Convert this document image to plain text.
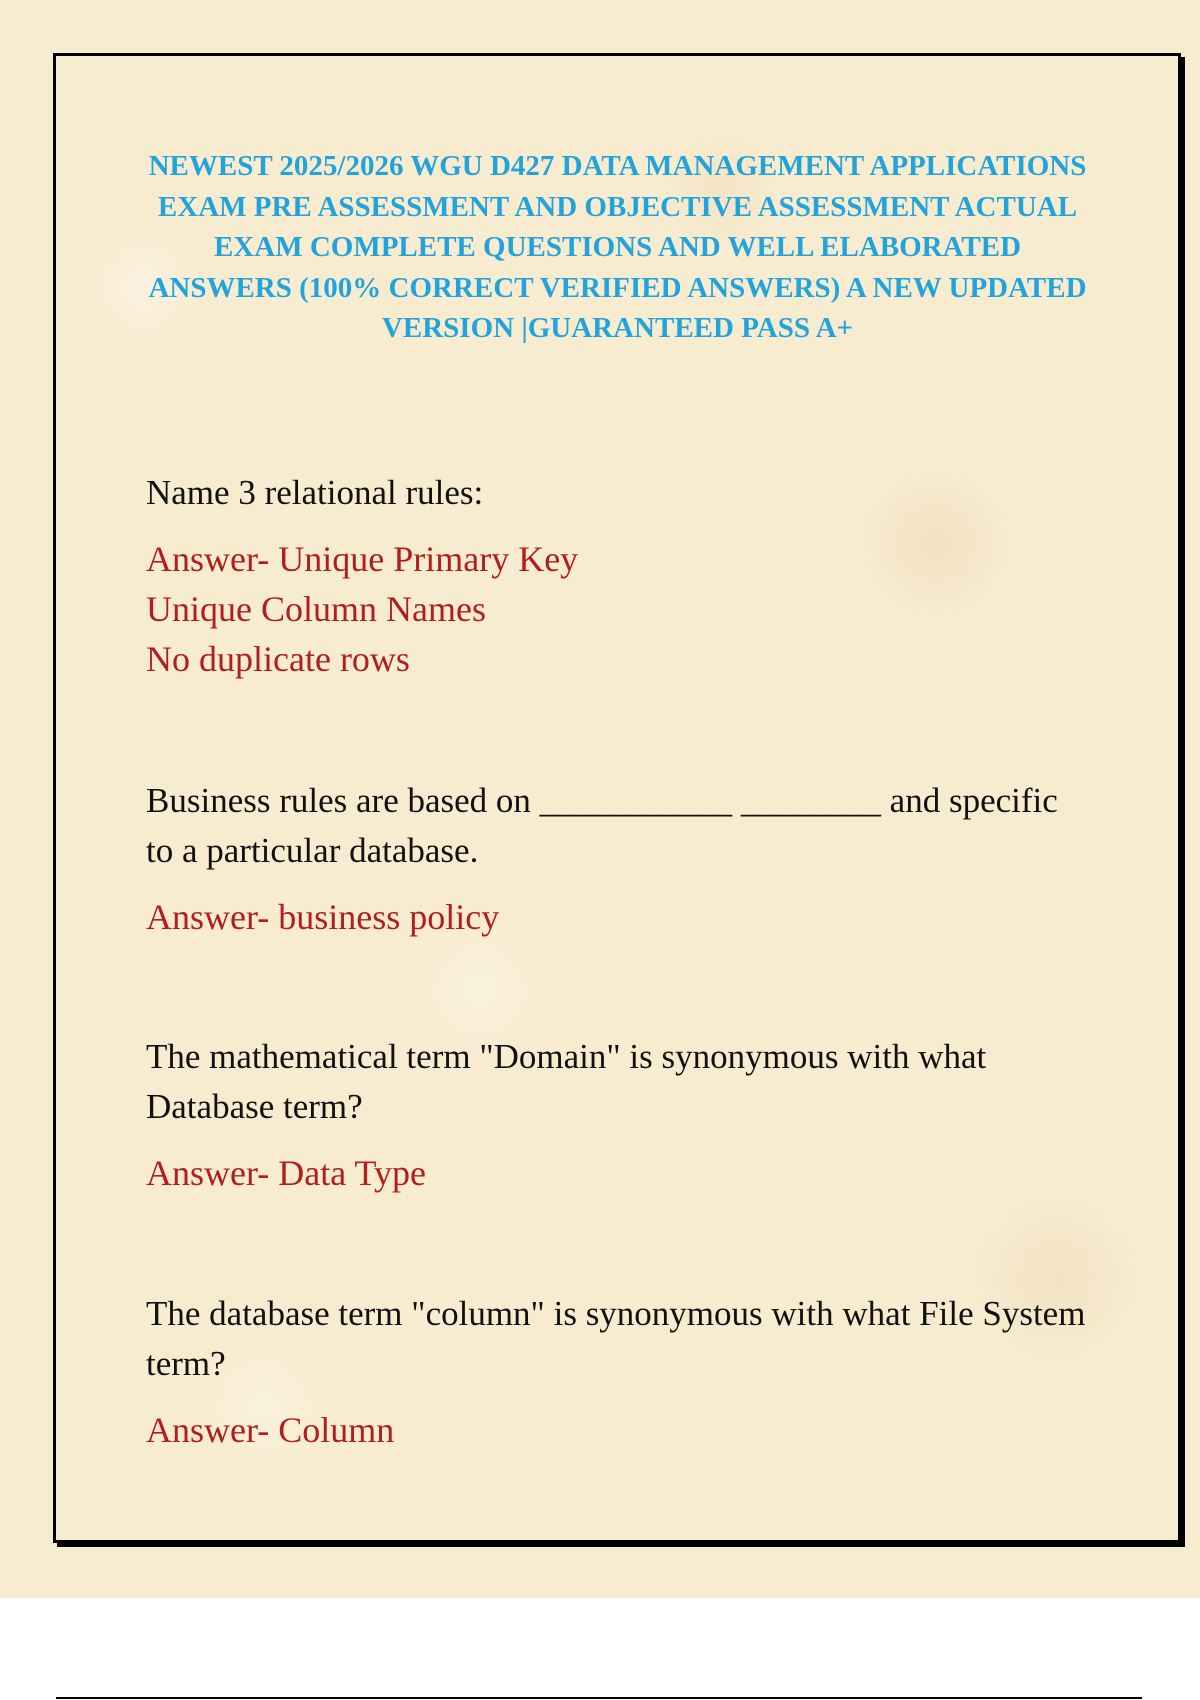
NEWEST 2025/2026 WGU D427 DATA MANAGEMENT APPLICATIONS EXAM PRE ASSESSMENT AND OBJECTIVE ASSESSMENT ACTUAL EXAM COMPLETE QUESTIONS AND WELL ELABORATED ANSWERS (100% CORRECT VERIFIED ANSWERS) A NEW UPDATED VERSION |GUARANTEED PASS A+

Name 3 relational rules:

Answer- Unique Primary Key
Unique Column Names
No duplicate rows

Business rules are based on ___________ ________ and specific to a particular database.

Answer- business policy

The mathematical term "Domain" is synonymous with what Database term?

Answer- Data Type

The database term "column" is synonymous with what File System term?

Answer- Column
